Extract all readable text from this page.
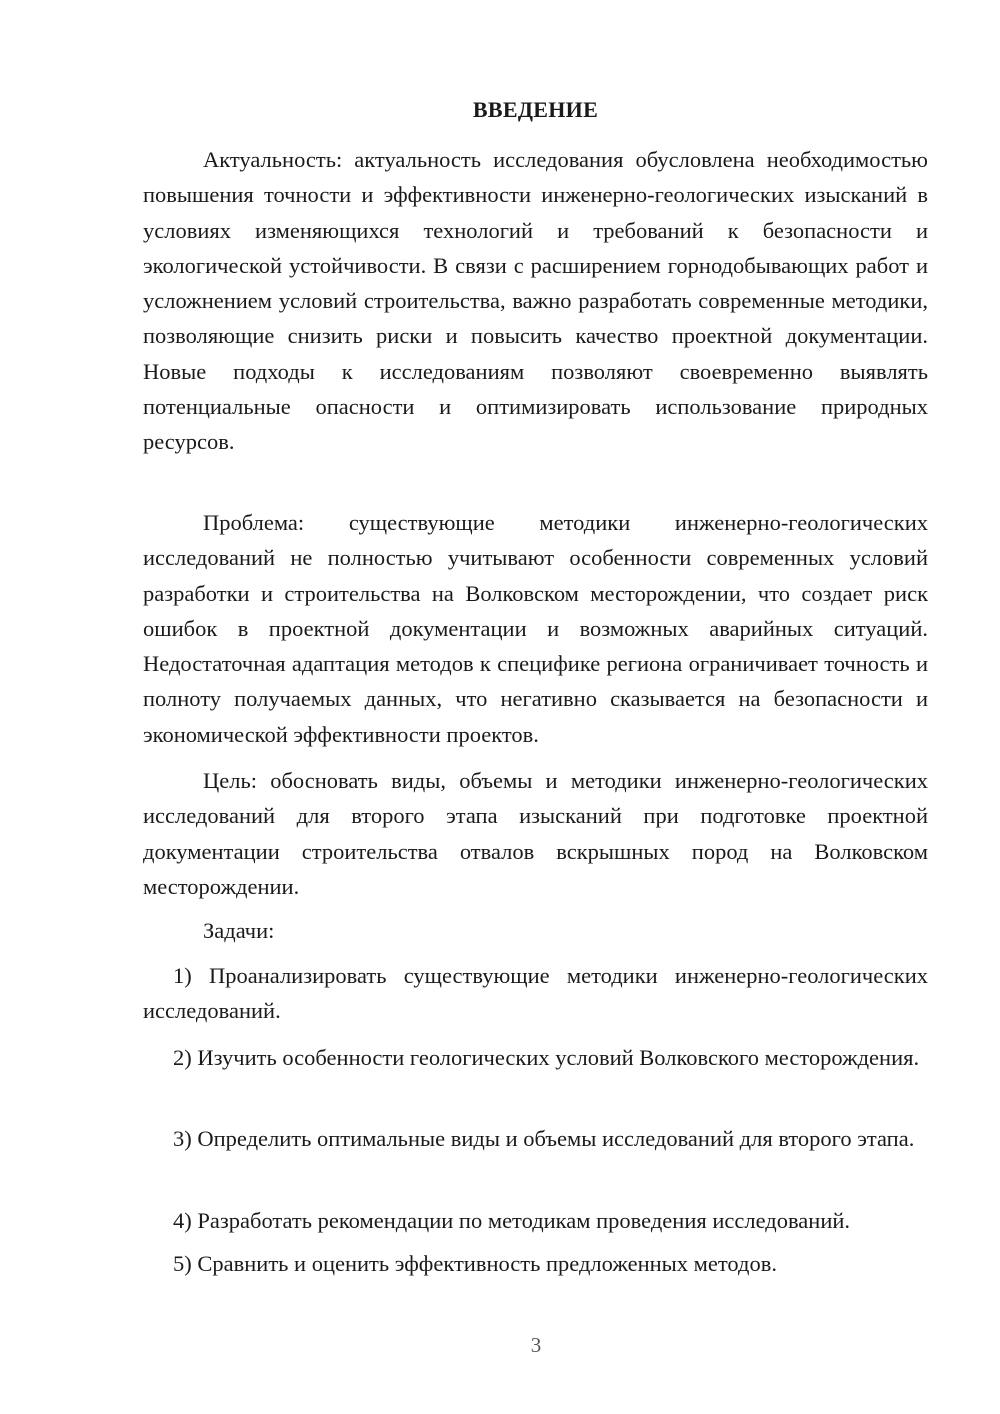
ВВЕДЕНИЕ

Актуальность: актуальность исследования обусловлена необходимостью повышения точности и эффективности инженерно-геологических изысканий в условиях изменяющихся технологий и требований к безопасности и экологической устойчивости. В связи с расширением горнодобывающих работ и усложнением условий строительства, важно разработать современные методики, позволяющие снизить риски и повысить качество проектной документации. Новые подходы к исследованиям позволяют своевременно выявлять потенциальные опасности и оптимизировать использование природных ресурсов.

Проблема: существующие методики инженерно-геологических исследований не полностью учитывают особенности современных условий разработки и строительства на Волковском месторождении, что создает риск ошибок в проектной документации и возможных аварийных ситуаций. Недостаточная адаптация методов к специфике региона ограничивает точность и полноту получаемых данных, что негативно сказывается на безопасности и экономической эффективности проектов.

Цель: обосновать виды, объемы и методики инженерно-геологических исследований для второго этапа изысканий при подготовке проектной документации строительства отвалов вскрышных пород на Волковском месторождении.

Задачи:

1) Проанализировать существующие методики инженерно-геологических исследований.

2) Изучить особенности геологических условий Волковского месторождения.

3) Определить оптимальные виды и объемы исследований для второго этапа.

4) Разработать рекомендации по методикам проведения исследований.

5) Сравнить и оценить эффективность предложенных методов.

3
